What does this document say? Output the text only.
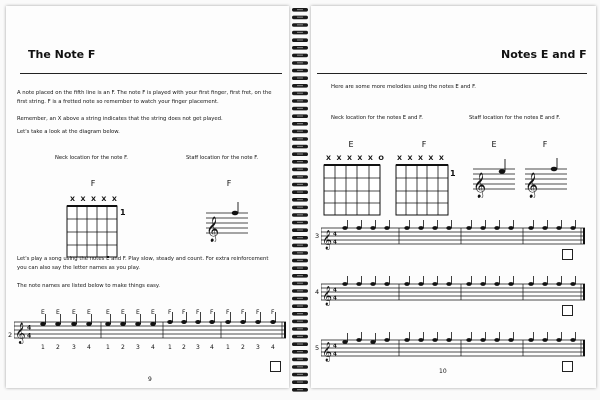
The Note F
A note placed on the fifth line is an F. The note F is played with your first finger, first fret, on the first string. F is a fretted note so remember to watch your finger placement.
Remember, an X above a string indicates that the string does not get played.
Let's take a look at the diagram below.
Neck location for the note F.	Staff location for the note F.
F	F
X X X X X
1
𝄞
Let's play a song using the notes E and F. Play slow, steady and count. For extra reinforcement you can also say the letter names as you play.
The note names are listed below to make things easy.
2 𝄞 4
4
E E E E	E E E E F F F F F F F F
1 2 3 4	1 2 3 4 1 2 3 4 1 2 3 4
9
Notes E and F
Here are some more melodies using the notes E and F.
Neck location for the notes E and F.	Staff location for the notes E and F.
E
X X X X X O
F
X X X X X
1
E
𝄞
F
𝄞
3 𝄞 4
4
4 𝄞 4
4
5 𝄞 4
4
10
